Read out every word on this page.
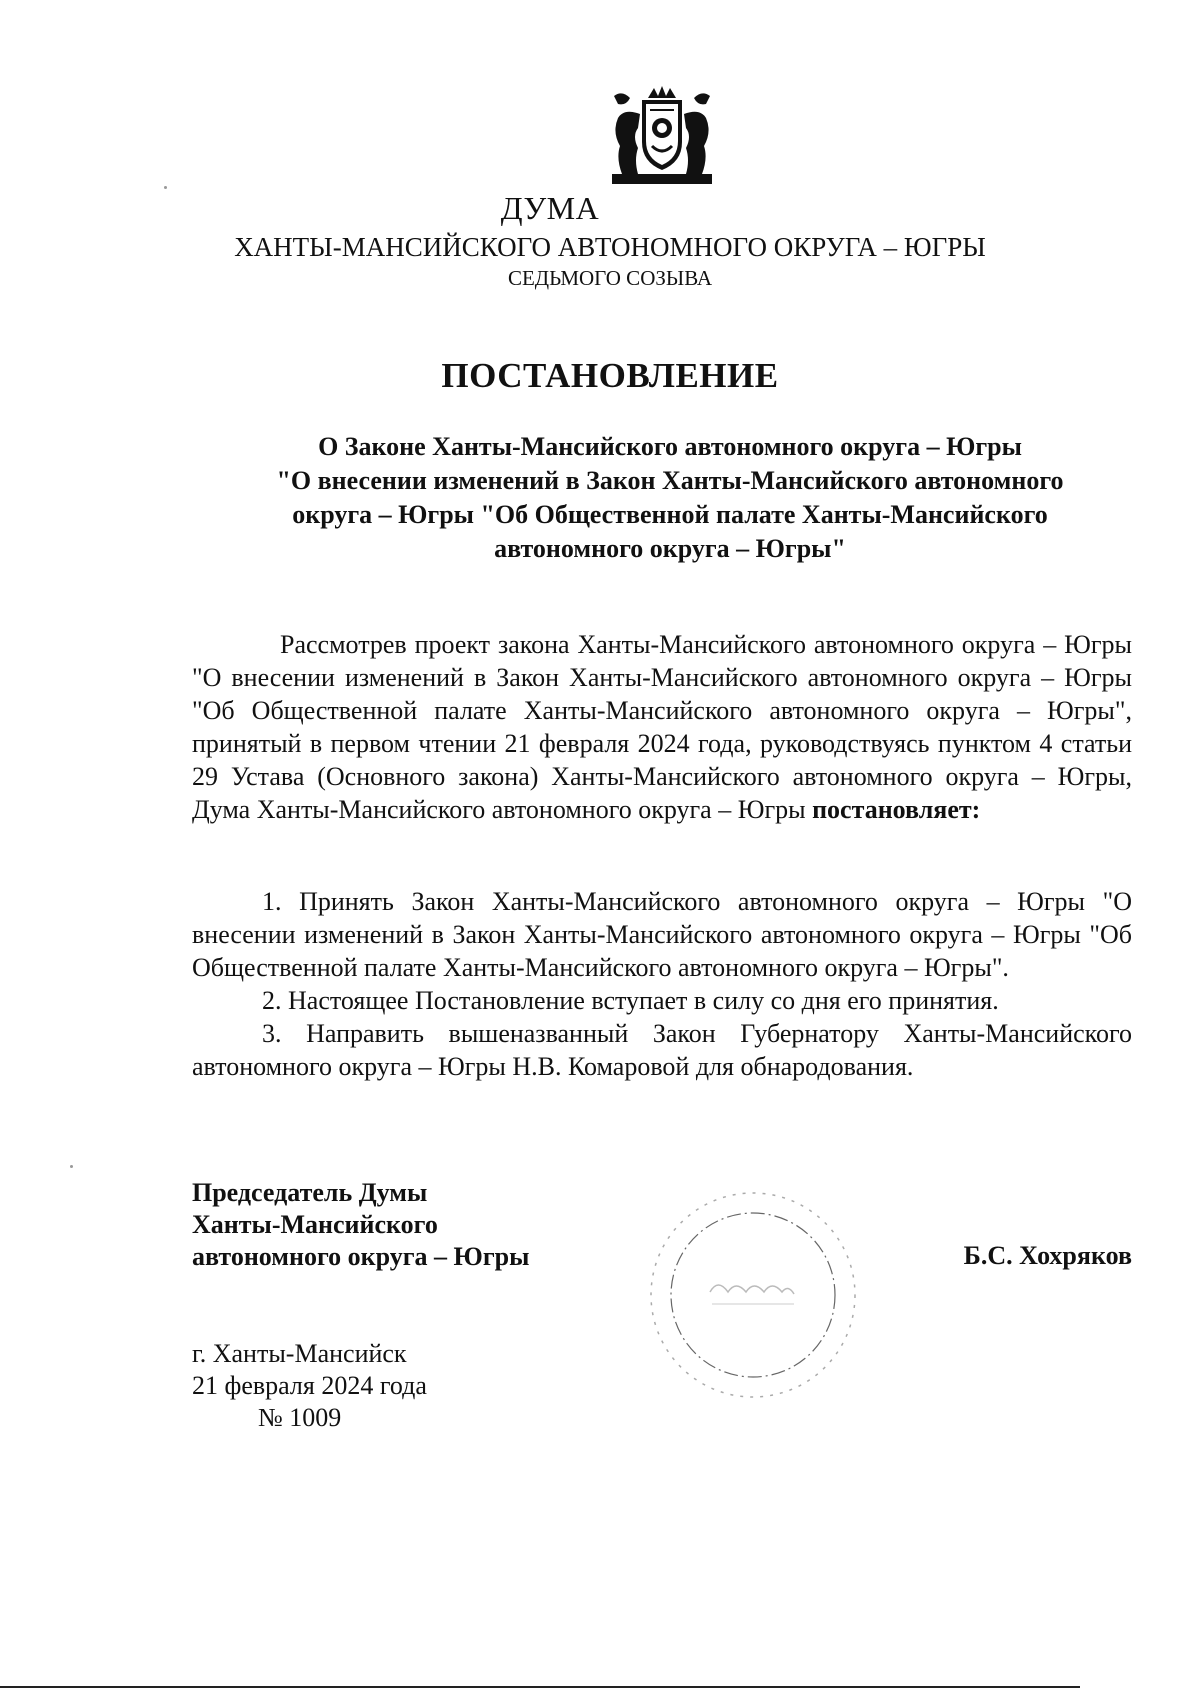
ДУМА
ХАНТЫ-МАНСИЙСКОГО АВТОНОМНОГО ОКРУГА – ЮГРЫ
СЕДЬМОГО СОЗЫВА
ПОСТАНОВЛЕНИЕ
О Законе Ханты-Мансийского автономного округа – Югры
"О внесении изменений в Закон Ханты-Мансийского автономного
округа – Югры "Об Общественной палате Ханты-Мансийского
автономного округа – Югры"
Рассмотрев проект закона Ханты-Мансийского автономного округа – Югры "О внесении изменений в Закон Ханты-Мансийского автономного округа – Югры "Об Общественной палате Ханты-Мансийского автономного округа – Югры", принятый в первом чтении 21 февраля 2024 года, руководствуясь пунктом 4 статьи 29 Устава (Основного закона) Ханты-Мансийского автономного округа – Югры, Дума Ханты-Мансийского автономного округа – Югры постановляет:

1. Принять Закон Ханты-Мансийского автономного округа – Югры "О внесении изменений в Закон Ханты-Мансийского автономного округа – Югры "Об Общественной палате Ханты-Мансийского автономного округа – Югры".

2. Настоящее Постановление вступает в силу со дня его принятия.

3. Направить вышеназванный Закон Губернатору Ханты-Мансийского автономного округа – Югры Н.В. Комаровой для обнародования.

Председатель Думы
Ханты-Мансийского
автономного округа – Югры	Б.С. Хохряков
г. Ханты-Мансийск
21 февраля 2024 года
№ 1009
